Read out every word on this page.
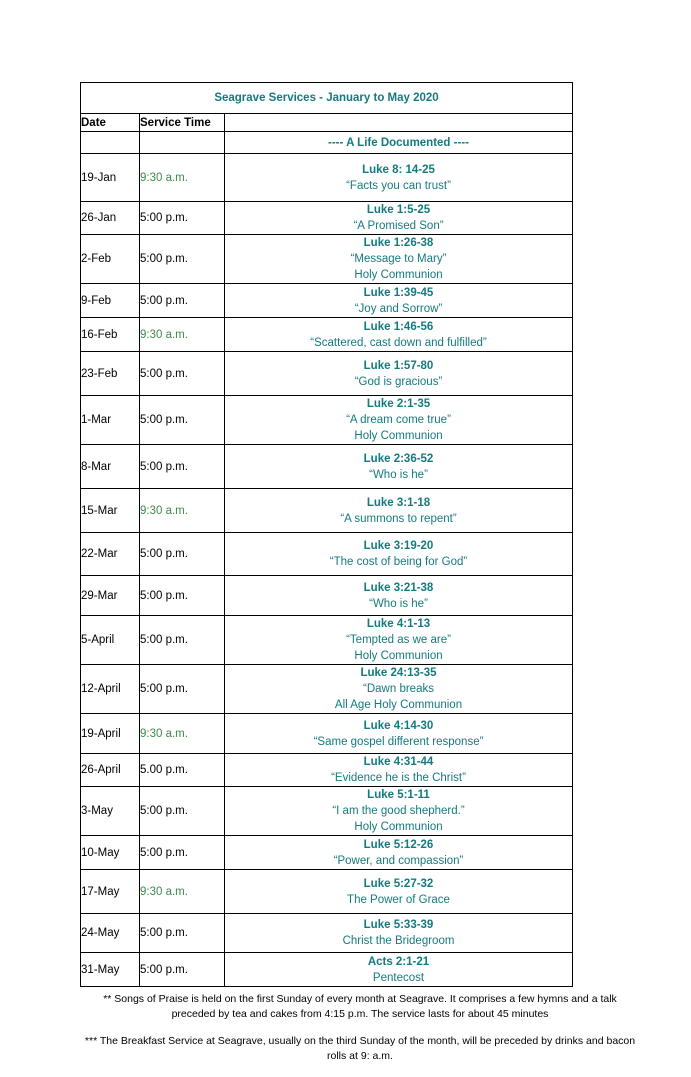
Seagrave Services - January to May 2020		
Date	Service Time	
		---- A Life Documented ----
19-Jan	9:30 a.m.	Luke 8: 14-25
“Facts you can trust”

26-Jan	5:00 p.m.	Luke 1:5-25
“A Promised Son”

2-Feb	5:00 p.m.	Luke 1:26-38
“Message to Mary”
Holy Communion

9-Feb	5:00 p.m.	Luke 1:39-45
“Joy and Sorrow”

16-Feb	9:30 a.m.	Luke 1:46-56
“Scattered, cast down and fulfilled”

23-Feb	5:00 p.m.	Luke 1:57-80
“God is gracious”

1-Mar	5:00 p.m.	Luke 2:1-35
“A dream come true”
Holy Communion

8-Mar	5:00 p.m.	Luke 2:36-52
“Who is he”

15-Mar	9:30 a.m.	Luke 3:1-18
“A summons to repent”

22-Mar	5:00 p.m.	Luke 3:19-20
“The cost of being for God”

29-Mar	5:00 p.m.	Luke 3:21-38
“Who is he”

5-April	5:00 p.m.	Luke 4:1-13
“Tempted as we are”
Holy Communion

12-April	5:00 p.m.	Luke 24:13-35
“Dawn breaks
All Age Holy Communion

19-April	9:30 a.m.	Luke 4:14-30
“Same gospel different response”

26-April	5.00 p.m.	Luke 4:31-44
“Evidence he is the Christ”

3-May	5:00 p.m.	Luke 5:1-11
“I am the good shepherd.”
Holy Communion

10-May	5:00 p.m.	Luke 5:12-26
“Power, and compassion”

17-May	9:30 a.m.	Luke 5:27-32
The Power of Grace

24-May	5:00 p.m.	Luke 5:33-39
Christ the Bridegroom

31-May	5:00 p.m.	Acts 2:1-21
Pentecost

** Songs of Praise is held on the first Sunday of every month at Seagrave. It comprises a few hymns and a talk preceded by tea and cakes from 4:15 p.m. The service lasts for about 45 minutes

*** The Breakfast Service at Seagrave, usually on the third Sunday of the month, will be preceded by drinks and bacon rolls at 9: a.m.
